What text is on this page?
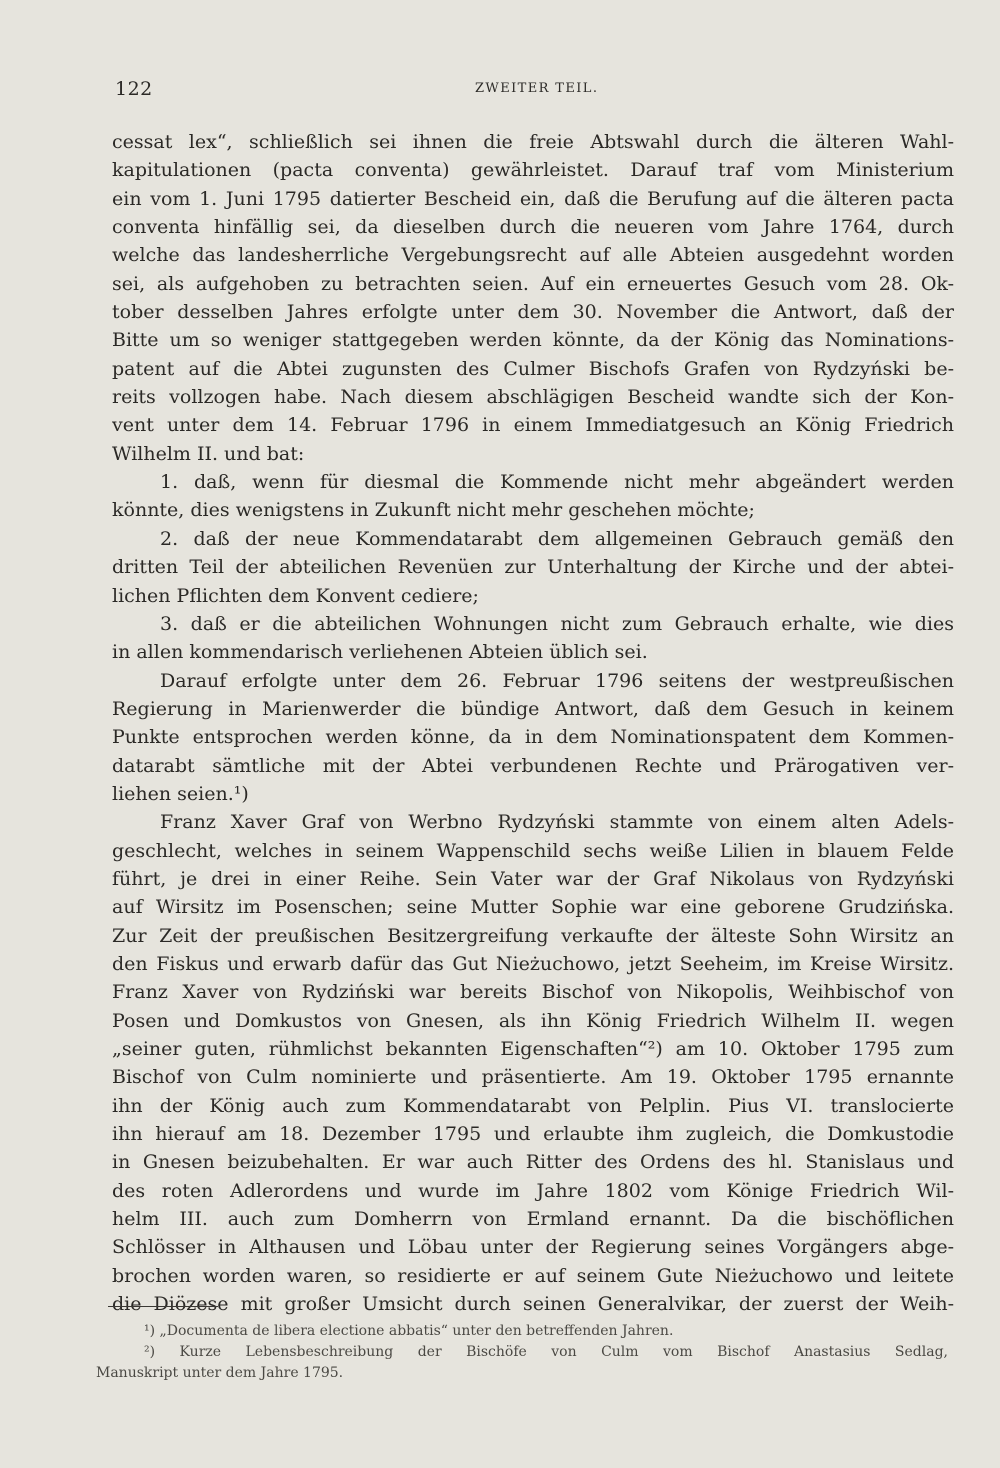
122	ZWEITER TEIL.
cessat lex“, schließlich sei ihnen die freie Abtswahl durch die älteren Wahl-
kapitulationen (pacta conventa) gewährleistet. Darauf traf vom Ministerium
ein vom 1. Juni 1795 datierter Bescheid ein, daß die Berufung auf die älteren pacta
conventa hinfällig sei, da dieselben durch die neueren vom Jahre 1764, durch
welche das landesherrliche Vergebungsrecht auf alle Abteien ausgedehnt worden
sei, als aufgehoben zu betrachten seien. Auf ein erneuertes Gesuch vom 28. Ok-
tober desselben Jahres erfolgte unter dem 30. November die Antwort, daß der
Bitte um so weniger stattgegeben werden könnte, da der König das Nominations-
patent auf die Abtei zugunsten des Culmer Bischofs Grafen von Rydzyński be-
reits vollzogen habe. Nach diesem abschlägigen Bescheid wandte sich der Kon-
vent unter dem 14. Februar 1796 in einem Immediatgesuch an König Friedrich
Wilhelm II. und bat:
1. daß, wenn für diesmal die Kommende nicht mehr abgeändert werden
könnte, dies wenigstens in Zukunft nicht mehr geschehen möchte;
2. daß der neue Kommendatarabt dem allgemeinen Gebrauch gemäß den
dritten Teil der abteilichen Revenüen zur Unterhaltung der Kirche und der abtei-
lichen Pflichten dem Konvent cediere;
3. daß er die abteilichen Wohnungen nicht zum Gebrauch erhalte, wie dies
in allen kommendarisch verliehenen Abteien üblich sei.
Darauf erfolgte unter dem 26. Februar 1796 seitens der westpreußischen
Regierung in Marienwerder die bündige Antwort, daß dem Gesuch in keinem
Punkte entsprochen werden könne, da in dem Nominationspatent dem Kommen-
datarabt sämtliche mit der Abtei verbundenen Rechte und Prärogativen ver-
liehen seien.¹)
Franz Xaver Graf von Werbno Rydzyński stammte von einem alten Adels-
geschlecht, welches in seinem Wappenschild sechs weiße Lilien in blauem Felde
führt, je drei in einer Reihe. Sein Vater war der Graf Nikolaus von Rydzyński
auf Wirsitz im Posenschen; seine Mutter Sophie war eine geborene Grudzińska.
Zur Zeit der preußischen Besitzergreifung verkaufte der älteste Sohn Wirsitz an
den Fiskus und erwarb dafür das Gut Nieżuchowo, jetzt Seeheim, im Kreise Wirsitz.
Franz Xaver von Rydziński war bereits Bischof von Nikopolis, Weihbischof von
Posen und Domkustos von Gnesen, als ihn König Friedrich Wilhelm II. wegen
„seiner guten, rühmlichst bekannten Eigenschaften“²) am 10. Oktober 1795 zum
Bischof von Culm nominierte und präsentierte. Am 19. Oktober 1795 ernannte
ihn der König auch zum Kommendatarabt von Pelplin. Pius VI. translocierte
ihn hierauf am 18. Dezember 1795 und erlaubte ihm zugleich, die Domkustodie
in Gnesen beizubehalten. Er war auch Ritter des Ordens des hl. Stanislaus und
des roten Adlerordens und wurde im Jahre 1802 vom Könige Friedrich Wil-
helm III. auch zum Domherrn von Ermland ernannt. Da die bischöflichen
Schlösser in Althausen und Löbau unter der Regierung seines Vorgängers abge-
brochen worden waren, so residierte er auf seinem Gute Nieżuchowo und leitete
die Diözese mit großer Umsicht durch seinen Generalvikar, der zuerst der Weih-
¹) „Documenta de libera electione abbatis“ unter den betreffenden Jahren.
²) Kurze Lebensbeschreibung der Bischöfe von Culm vom Bischof Anastasius Sedlag,
Manuskript unter dem Jahre 1795.
